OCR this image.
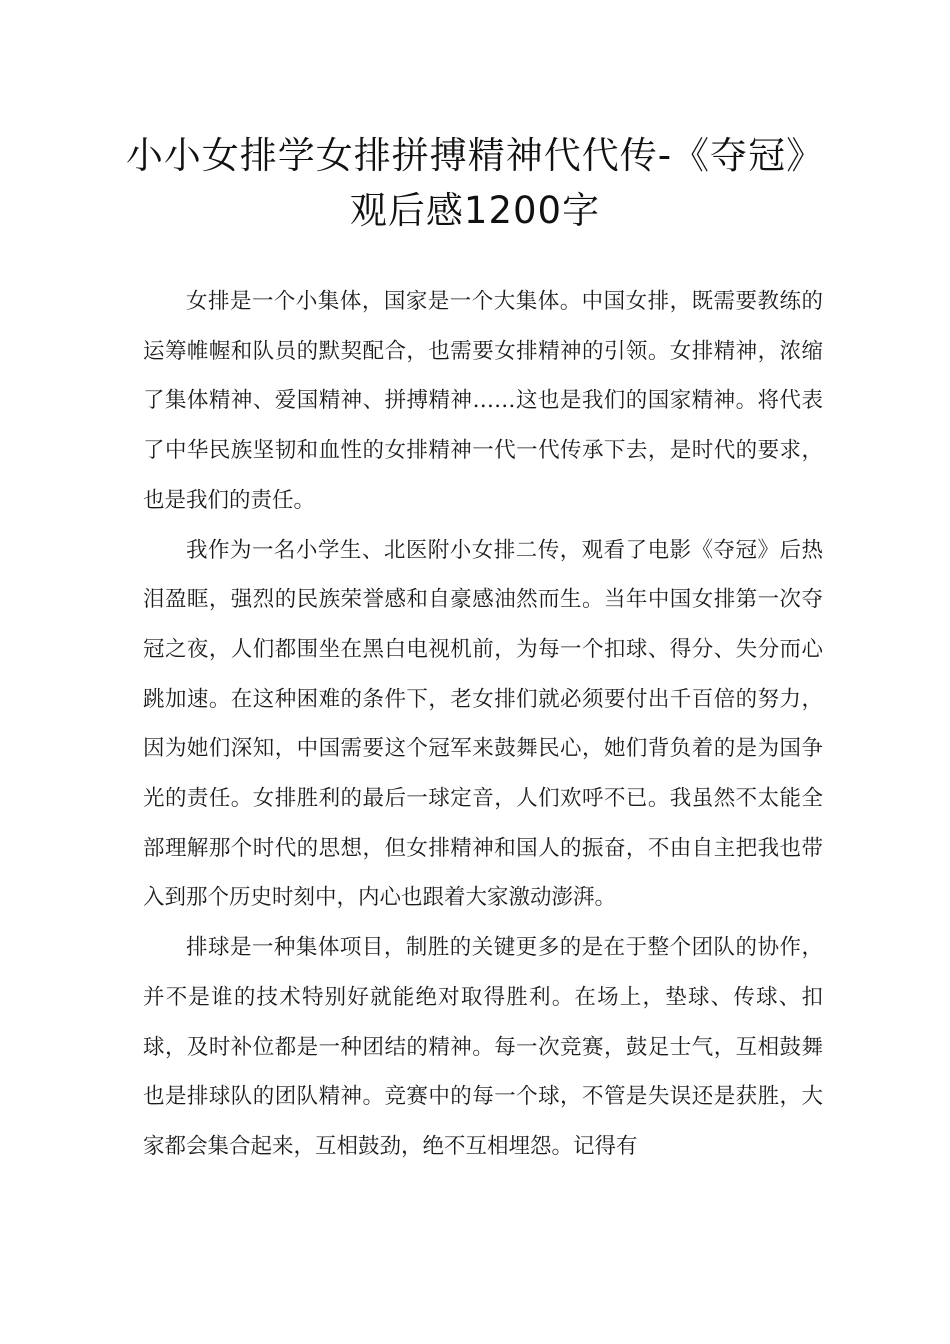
小小女排学女排拼搏精神代代传-《夺冠》观后感1200字

女排是一个小集体，国家是一个大集体。中国女排，既需要教练的运筹帷幄和队员的默契配合，也需要女排精神的引领。女排精神，浓缩了集体精神、爱国精神、拼搏精神……这也是我们的国家精神。将代表了中华民族坚韧和血性的女排精神一代一代传承下去，是时代的要求，也是我们的责任。

我作为一名小学生、北医附小女排二传，观看了电影《夺冠》后热泪盈眶，强烈的民族荣誉感和自豪感油然而生。当年中国女排第一次夺冠之夜，人们都围坐在黑白电视机前，为每一个扣球、得分、失分而心跳加速。在这种困难的条件下，老女排们就必须要付出千百倍的努力，因为她们深知，中国需要这个冠军来鼓舞民心，她们背负着的是为国争光的责任。女排胜利的最后一球定音，人们欢呼不已。我虽然不太能全部理解那个时代的思想，但女排精神和国人的振奋，不由自主把我也带入到那个历史时刻中，内心也跟着大家激动澎湃。

排球是一种集体项目，制胜的关键更多的是在于整个团队的协作，并不是谁的技术特别好就能绝对取得胜利。在场上，垫球、传球、扣球，及时补位都是一种团结的精神。每一次竞赛，鼓足士气，互相鼓舞也是排球队的团队精神。竞赛中的每一个球，不管是失误还是获胜，大家都会集合起来，互相鼓劲，绝不互相埋怨。记得有
